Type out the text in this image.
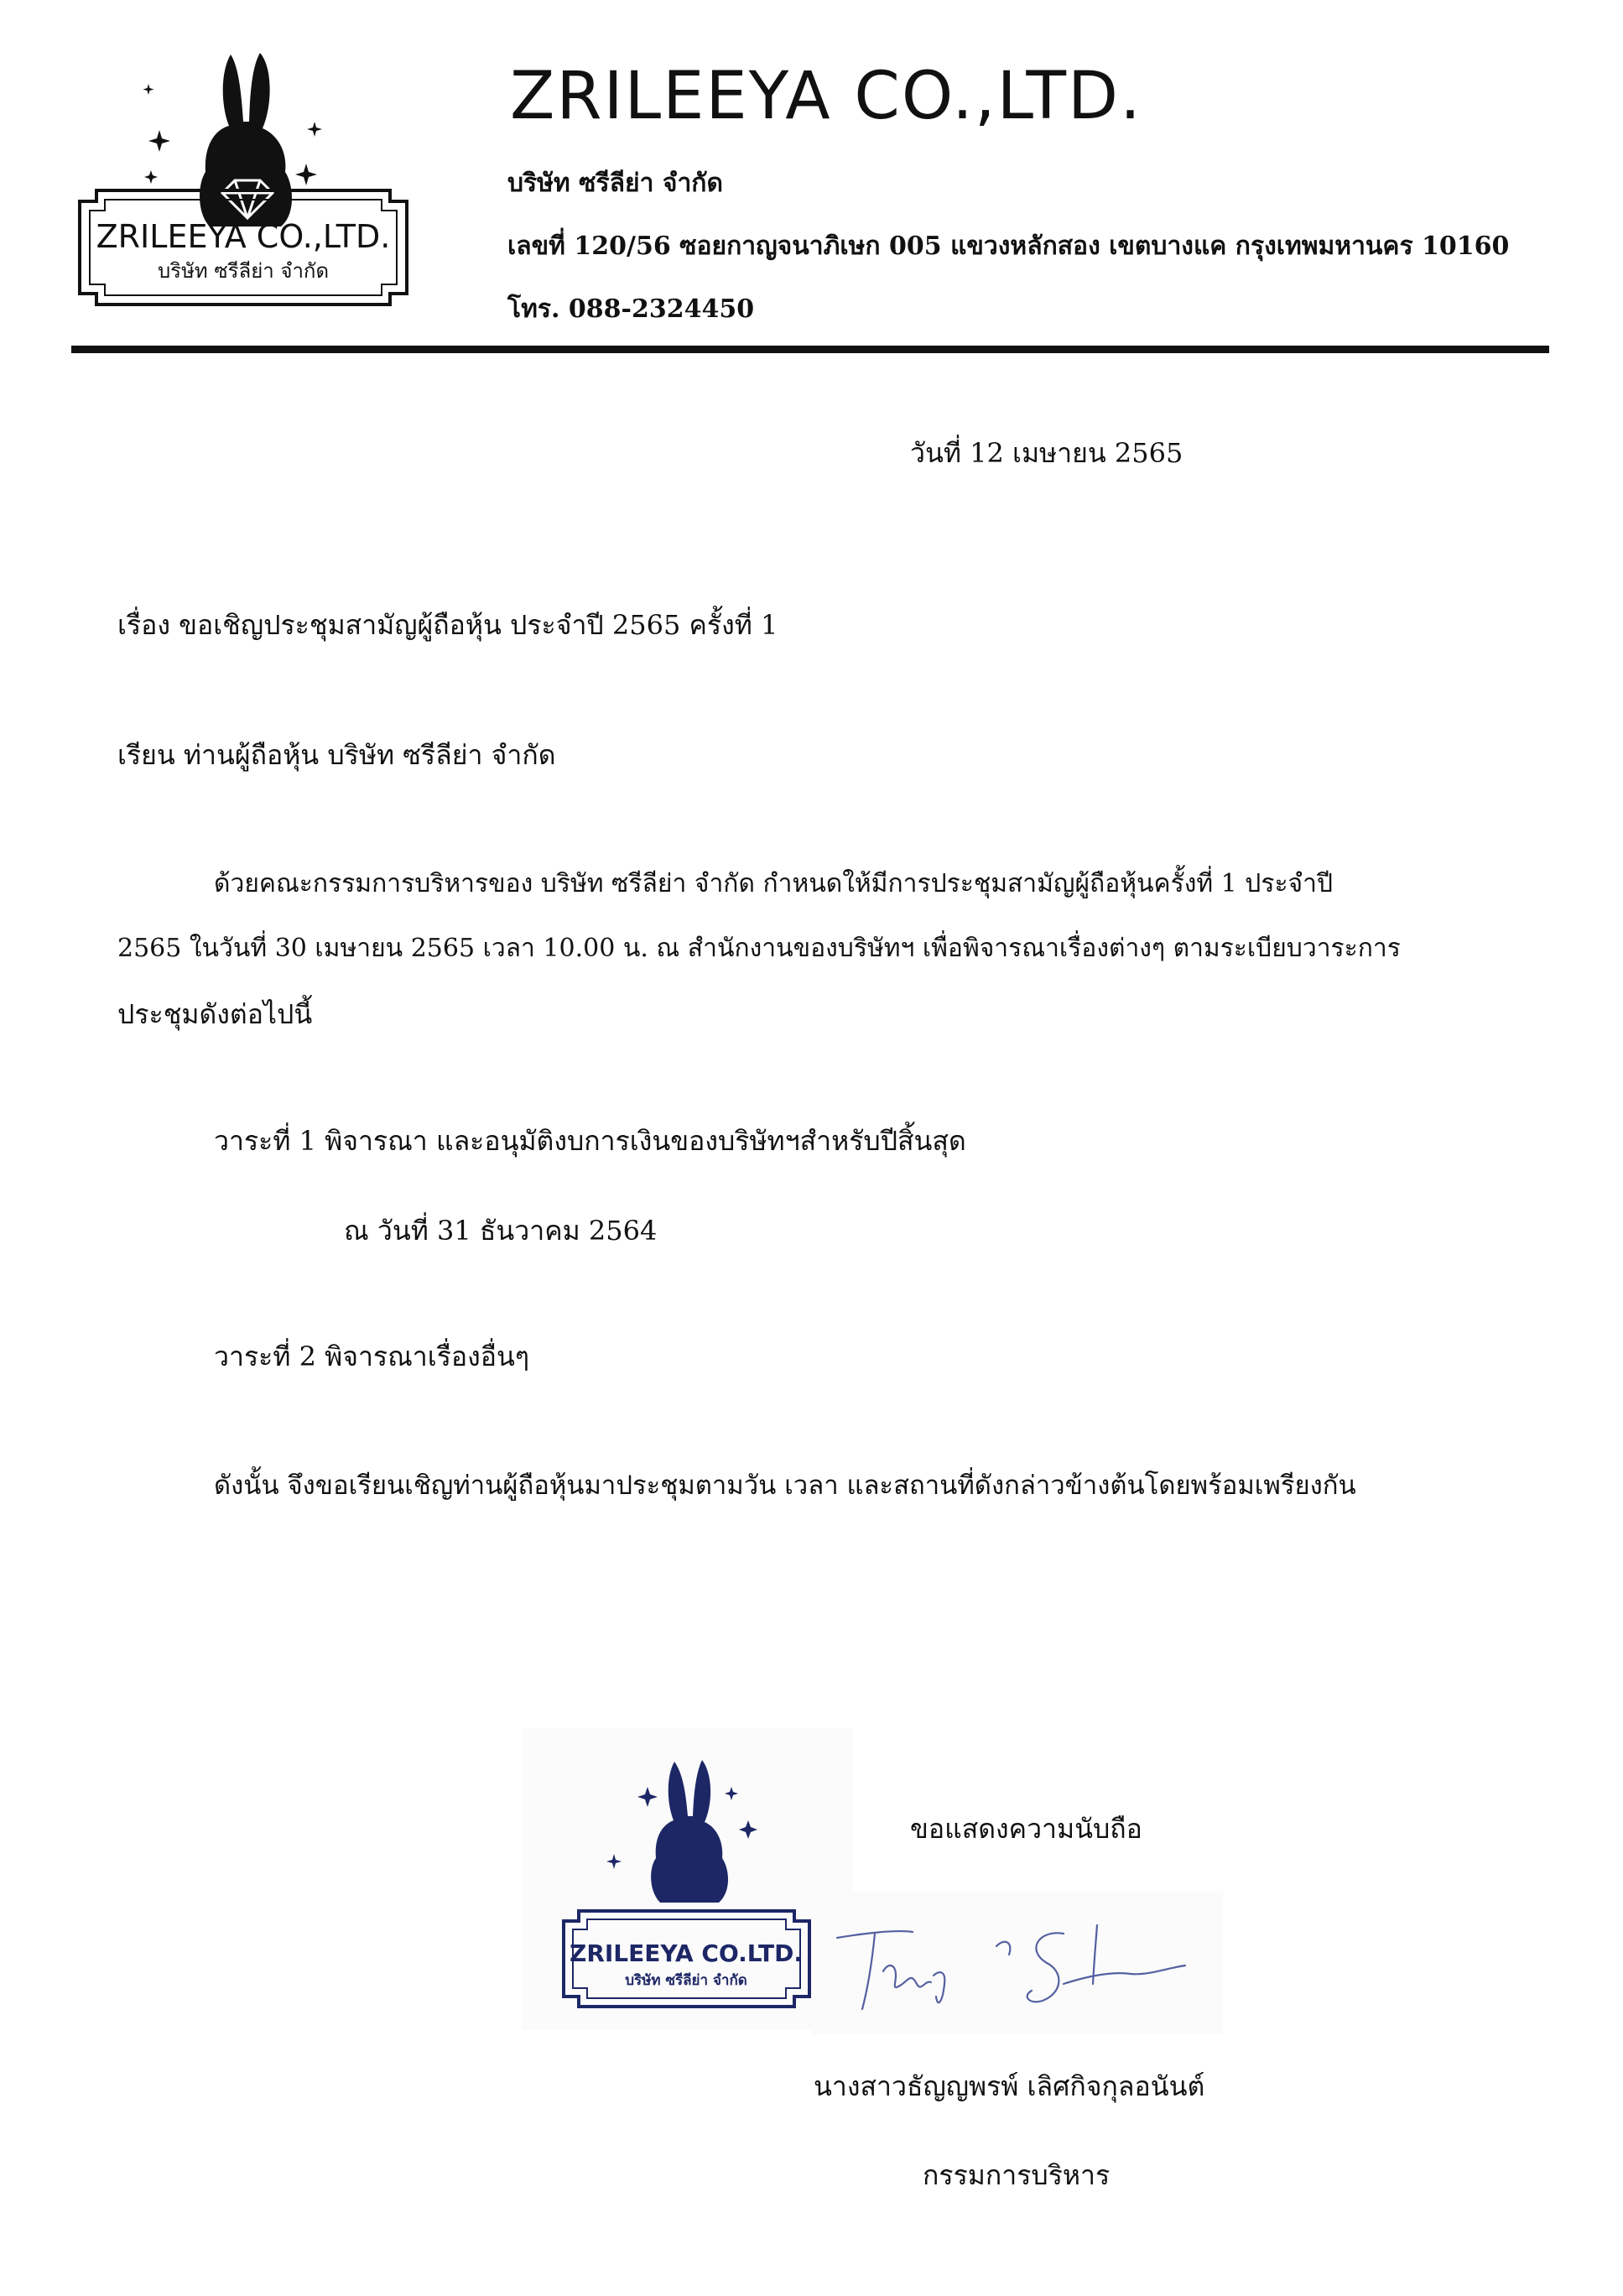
ZRILEEYA CO.,LTD.
บริษัท ซรีลีย่า จำกัด
ZRILEEYA CO.,LTD.
บริษัท ซรีลีย่า จำกัด
เลขที่ 120/56 ซอยกาญจนาภิเษก 005 แขวงหลักสอง เขตบางแค กรุงเทพมหานคร 10160
โทร. 088-2324450
วันที่ 12 เมษายน 2565
เรื่อง ขอเชิญประชุมสามัญผู้ถือหุ้น ประจำปี 2565 ครั้งที่ 1
เรียน ท่านผู้ถือหุ้น บริษัท ซรีลีย่า จำกัด
ด้วยคณะกรรมการบริหารของ บริษัท ซรีลีย่า จำกัด กำหนดให้มีการประชุมสามัญผู้ถือหุ้นครั้งที่ 1 ประจำปี
2565 ในวันที่ 30 เมษายน 2565 เวลา 10.00 น. ณ สำนักงานของบริษัทฯ เพื่อพิจารณาเรื่องต่างๆ ตามระเบียบวาระการ
ประชุมดังต่อไปนี้
วาระที่ 1 พิจารณา และอนุมัติงบการเงินของบริษัทฯสำหรับปีสิ้นสุด
ณ วันที่ 31 ธันวาคม 2564
วาระที่ 2 พิจารณาเรื่องอื่นๆ
ดังนั้น จึงขอเรียนเชิญท่านผู้ถือหุ้นมาประชุมตามวัน เวลา และสถานที่ดังกล่าวข้างต้นโดยพร้อมเพรียงกัน
ZRILEEYA CO.LTD.
บริษัท ซรีลีย่า จำกัด
ขอแสดงความนับถือ
นางสาวธัญญพรพ์ เลิศกิจกุลอนันต์
กรรมการบริหาร
